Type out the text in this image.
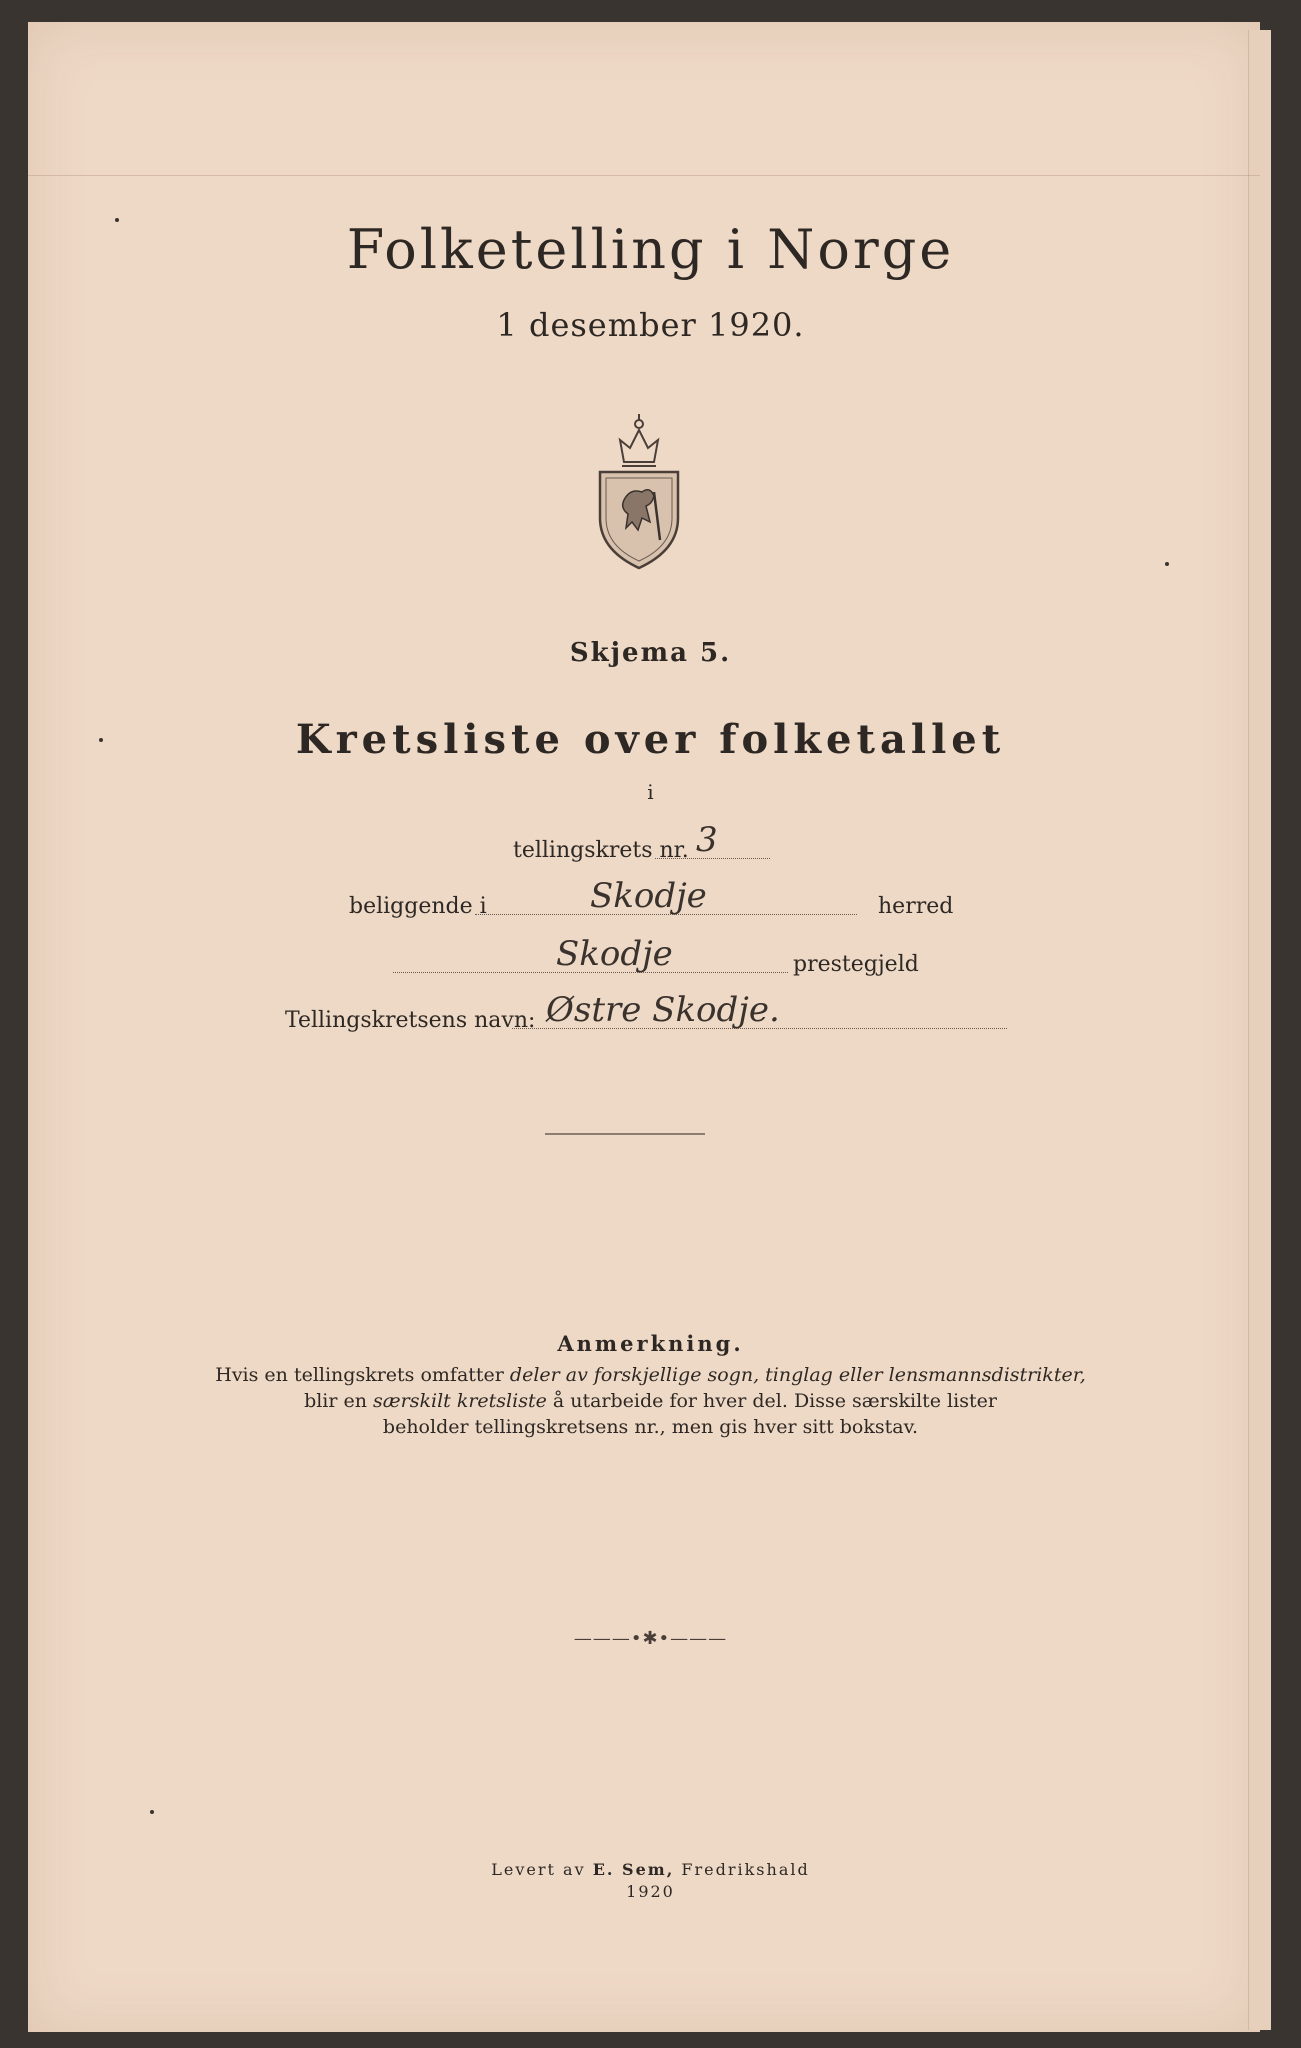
Folketelling i Norge
1 desember 1920.
Skjema 5.
Kretsliste over folketallet
i
tellingskrets nr. 3
beliggende i	Skodje	herred
Skodje	prestegjeld
Tellingskretsens navn: Østre Skodje.
Anmerkning.
Hvis en tellingskrets omfatter deler av forskjellige sogn, tinglag eller lensmannsdistrikter,
blir en særskilt kretsliste å utarbeide for hver del. Disse særskilte lister
beholder tellingskretsens nr., men gis hver sitt bokstav.
———•✱•———
Levert av E. Sem, Fredrikshald
1920
